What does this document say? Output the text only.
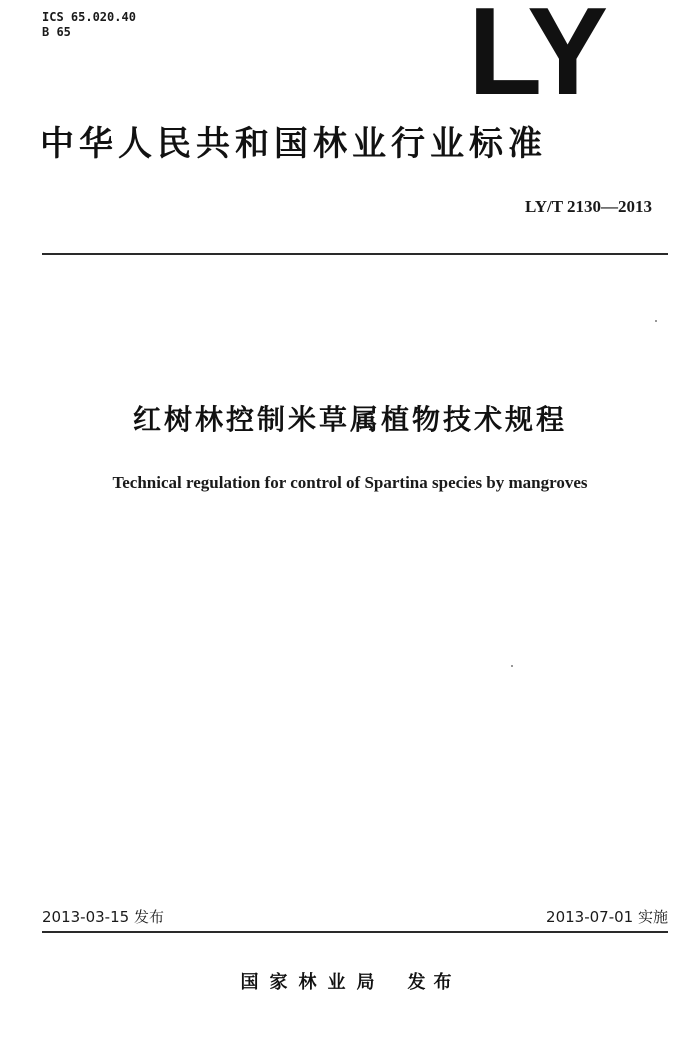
ICS 65.020.40
B 65	LY
中华人民共和国林业行业标准
LY/T 2130—2013
红树林控制米草属植物技术规程
Technical regulation for control of Spartina species by mangroves
2013-03-15 发布	2013-07-01 实施
国家林业局 发布
